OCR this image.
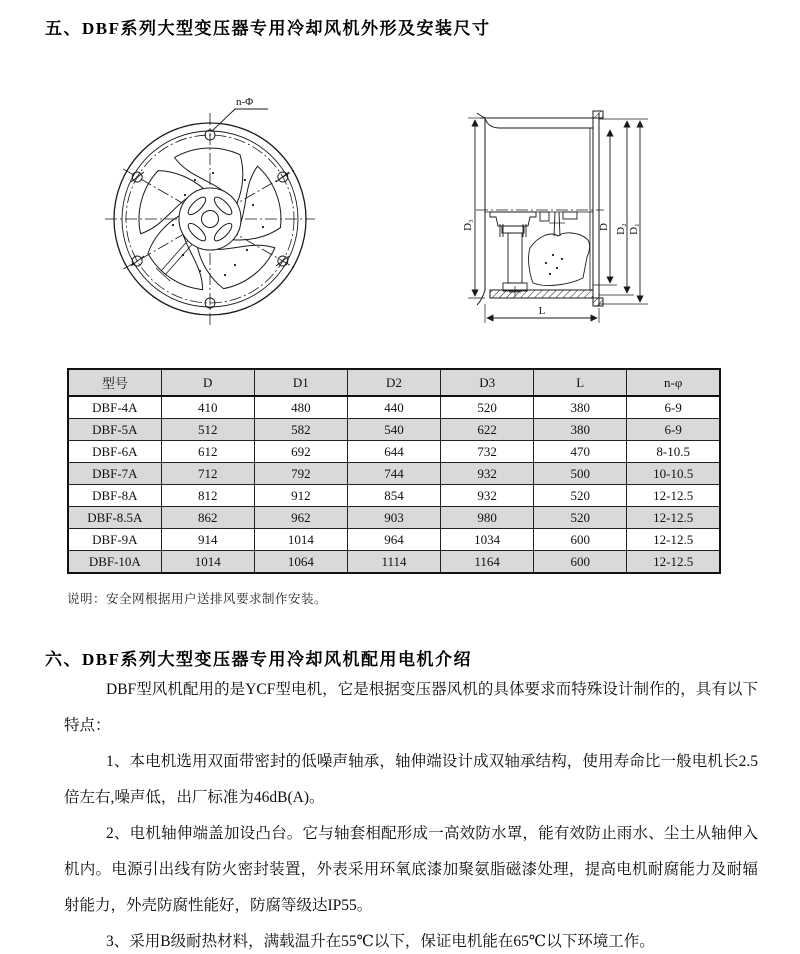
五、DBF系列大型变压器专用冷却风机外形及安装尺寸
n-Φ
D₃	D D₂ D₁
L
型号	D	D1	D2	D3	L	n-φ
DBF-4A	410	480	440	520	380	6-9
DBF-5A	512	582	540	622	380	6-9
DBF-6A	612	692	644	732	470	8-10.5
DBF-7A	712	792	744	932	500	10-10.5
DBF-8A	812	912	854	932	520	12-12.5
DBF-8.5A	862	962	903	980	520	12-12.5
DBF-9A	914	1014	964	1034	600	12-12.5
DBF-10A	1014	1064	1114	1164	600	12-12.5
说明：安全网根据用户送排风要求制作安装。
六、DBF系列大型变压器专用冷却风机配用电机介绍

DBF型风机配用的是YCF型电机，它是根据变压器风机的具体要求而特殊设计制作的，具有以下特点：

1、本电机选用双面带密封的低噪声轴承，轴伸端设计成双轴承结构，使用寿命比一般电机长2.5倍左右,噪声低，出厂标准为46dB(A)。

2、电机轴伸端盖加设凸台。它与轴套相配形成一高效防水罩，能有效防止雨水、尘土从轴伸入机内。电源引出线有防火密封装置，外表采用环氧底漆加聚氨脂磁漆处理，提高电机耐腐能力及耐辐射能力，外壳防腐性能好，防腐等级达IP55。

3、采用B级耐热材料，满载温升在55℃以下，保证电机能在65℃以下环境工作。
